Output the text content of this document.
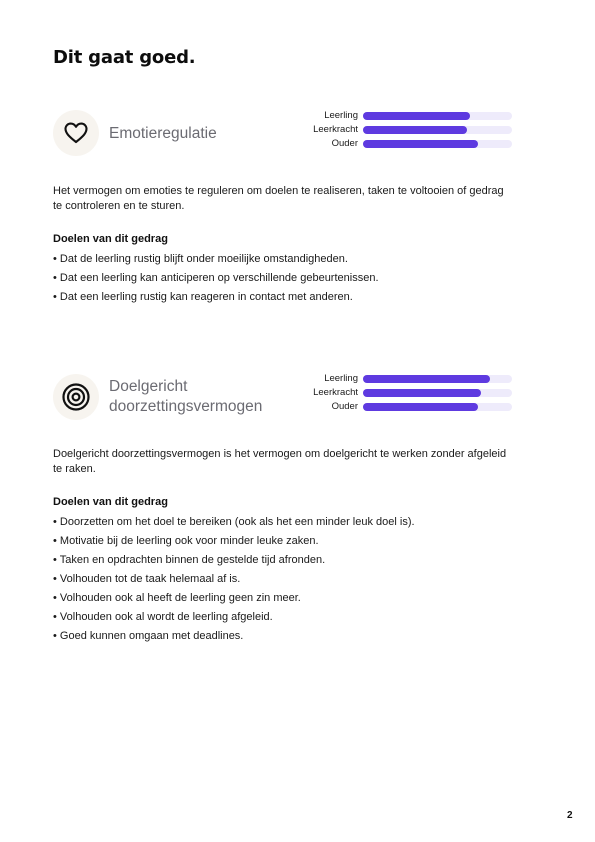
Dit gaat goed.
Emotieregulatie
Leerling
Leerkracht
Ouder
Het vermogen om emoties te reguleren om doelen te realiseren, taken te voltooien of gedrag te controleren en te sturen.
Doelen van dit gedrag
• Dat de leerling rustig blijft onder moeilijke omstandigheden.
• Dat een leerling kan anticiperen op verschillende gebeurtenissen.
• Dat een leerling rustig kan reageren in contact met anderen.
Doelgericht
doorzettingsvermogen
Leerling
Leerkracht
Ouder
Doelgericht doorzettingsvermogen is het vermogen om doelgericht te werken zonder afgeleid te raken.
Doelen van dit gedrag
• Doorzetten om het doel te bereiken (ook als het een minder leuk doel is).
• Motivatie bij de leerling ook voor minder leuke zaken.
• Taken en opdrachten binnen de gestelde tijd afronden.
• Volhouden tot de taak helemaal af is.
• Volhouden ook al heeft de leerling geen zin meer.
• Volhouden ook al wordt de leerling afgeleid.
• Goed kunnen omgaan met deadlines.
2
